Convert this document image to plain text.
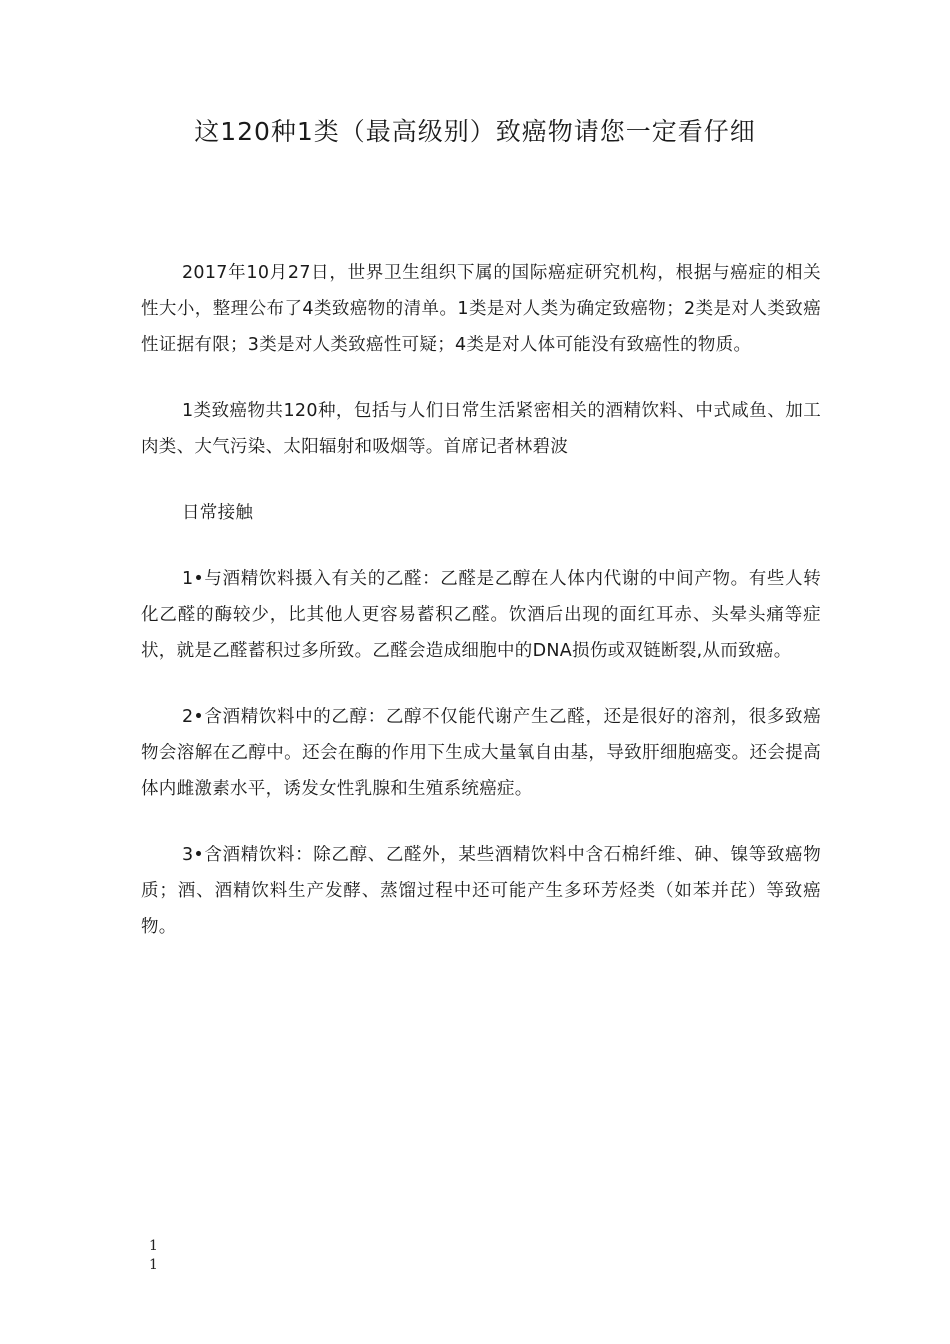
这120种1类（最高级别）致癌物请您一定看仔细

2017年10月27日，世界卫生组织下属的国际癌症研究机构，根据与癌症的相关性大小，整理公布了4类致癌物的清单。1类是对人类为确定致癌物；2类是对人类致癌性证据有限；3类是对人类致癌性可疑；4类是对人体可能没有致癌性的物质。

1类致癌物共120种，包括与人们日常生活紧密相关的酒精饮料、中式咸鱼、加工肉类、大气污染、太阳辐射和吸烟等。首席记者林碧波

日常接触

1•与酒精饮料摄入有关的乙醛：乙醛是乙醇在人体内代谢的中间产物。有些人转化乙醛的酶较少，比其他人更容易蓄积乙醛。饮酒后出现的面红耳赤、头晕头痛等症状，就是乙醛蓄积过多所致。乙醛会造成细胞中的DNA损伤或双链断裂,从而致癌。

2•含酒精饮料中的乙醇：乙醇不仅能代谢产生乙醛，还是很好的溶剂，很多致癌物会溶解在乙醇中。还会在酶的作用下生成大量氧自由基，导致肝细胞癌变。还会提高体内雌激素水平，诱发女性乳腺和生殖系统癌症。

3•含酒精饮料：除乙醇、乙醛外，某些酒精饮料中含石棉纤维、砷、镍等致癌物质；酒、酒精饮料生产发酵、蒸馏过程中还可能产生多环芳烃类（如苯并芘）等致癌物。

1
1
